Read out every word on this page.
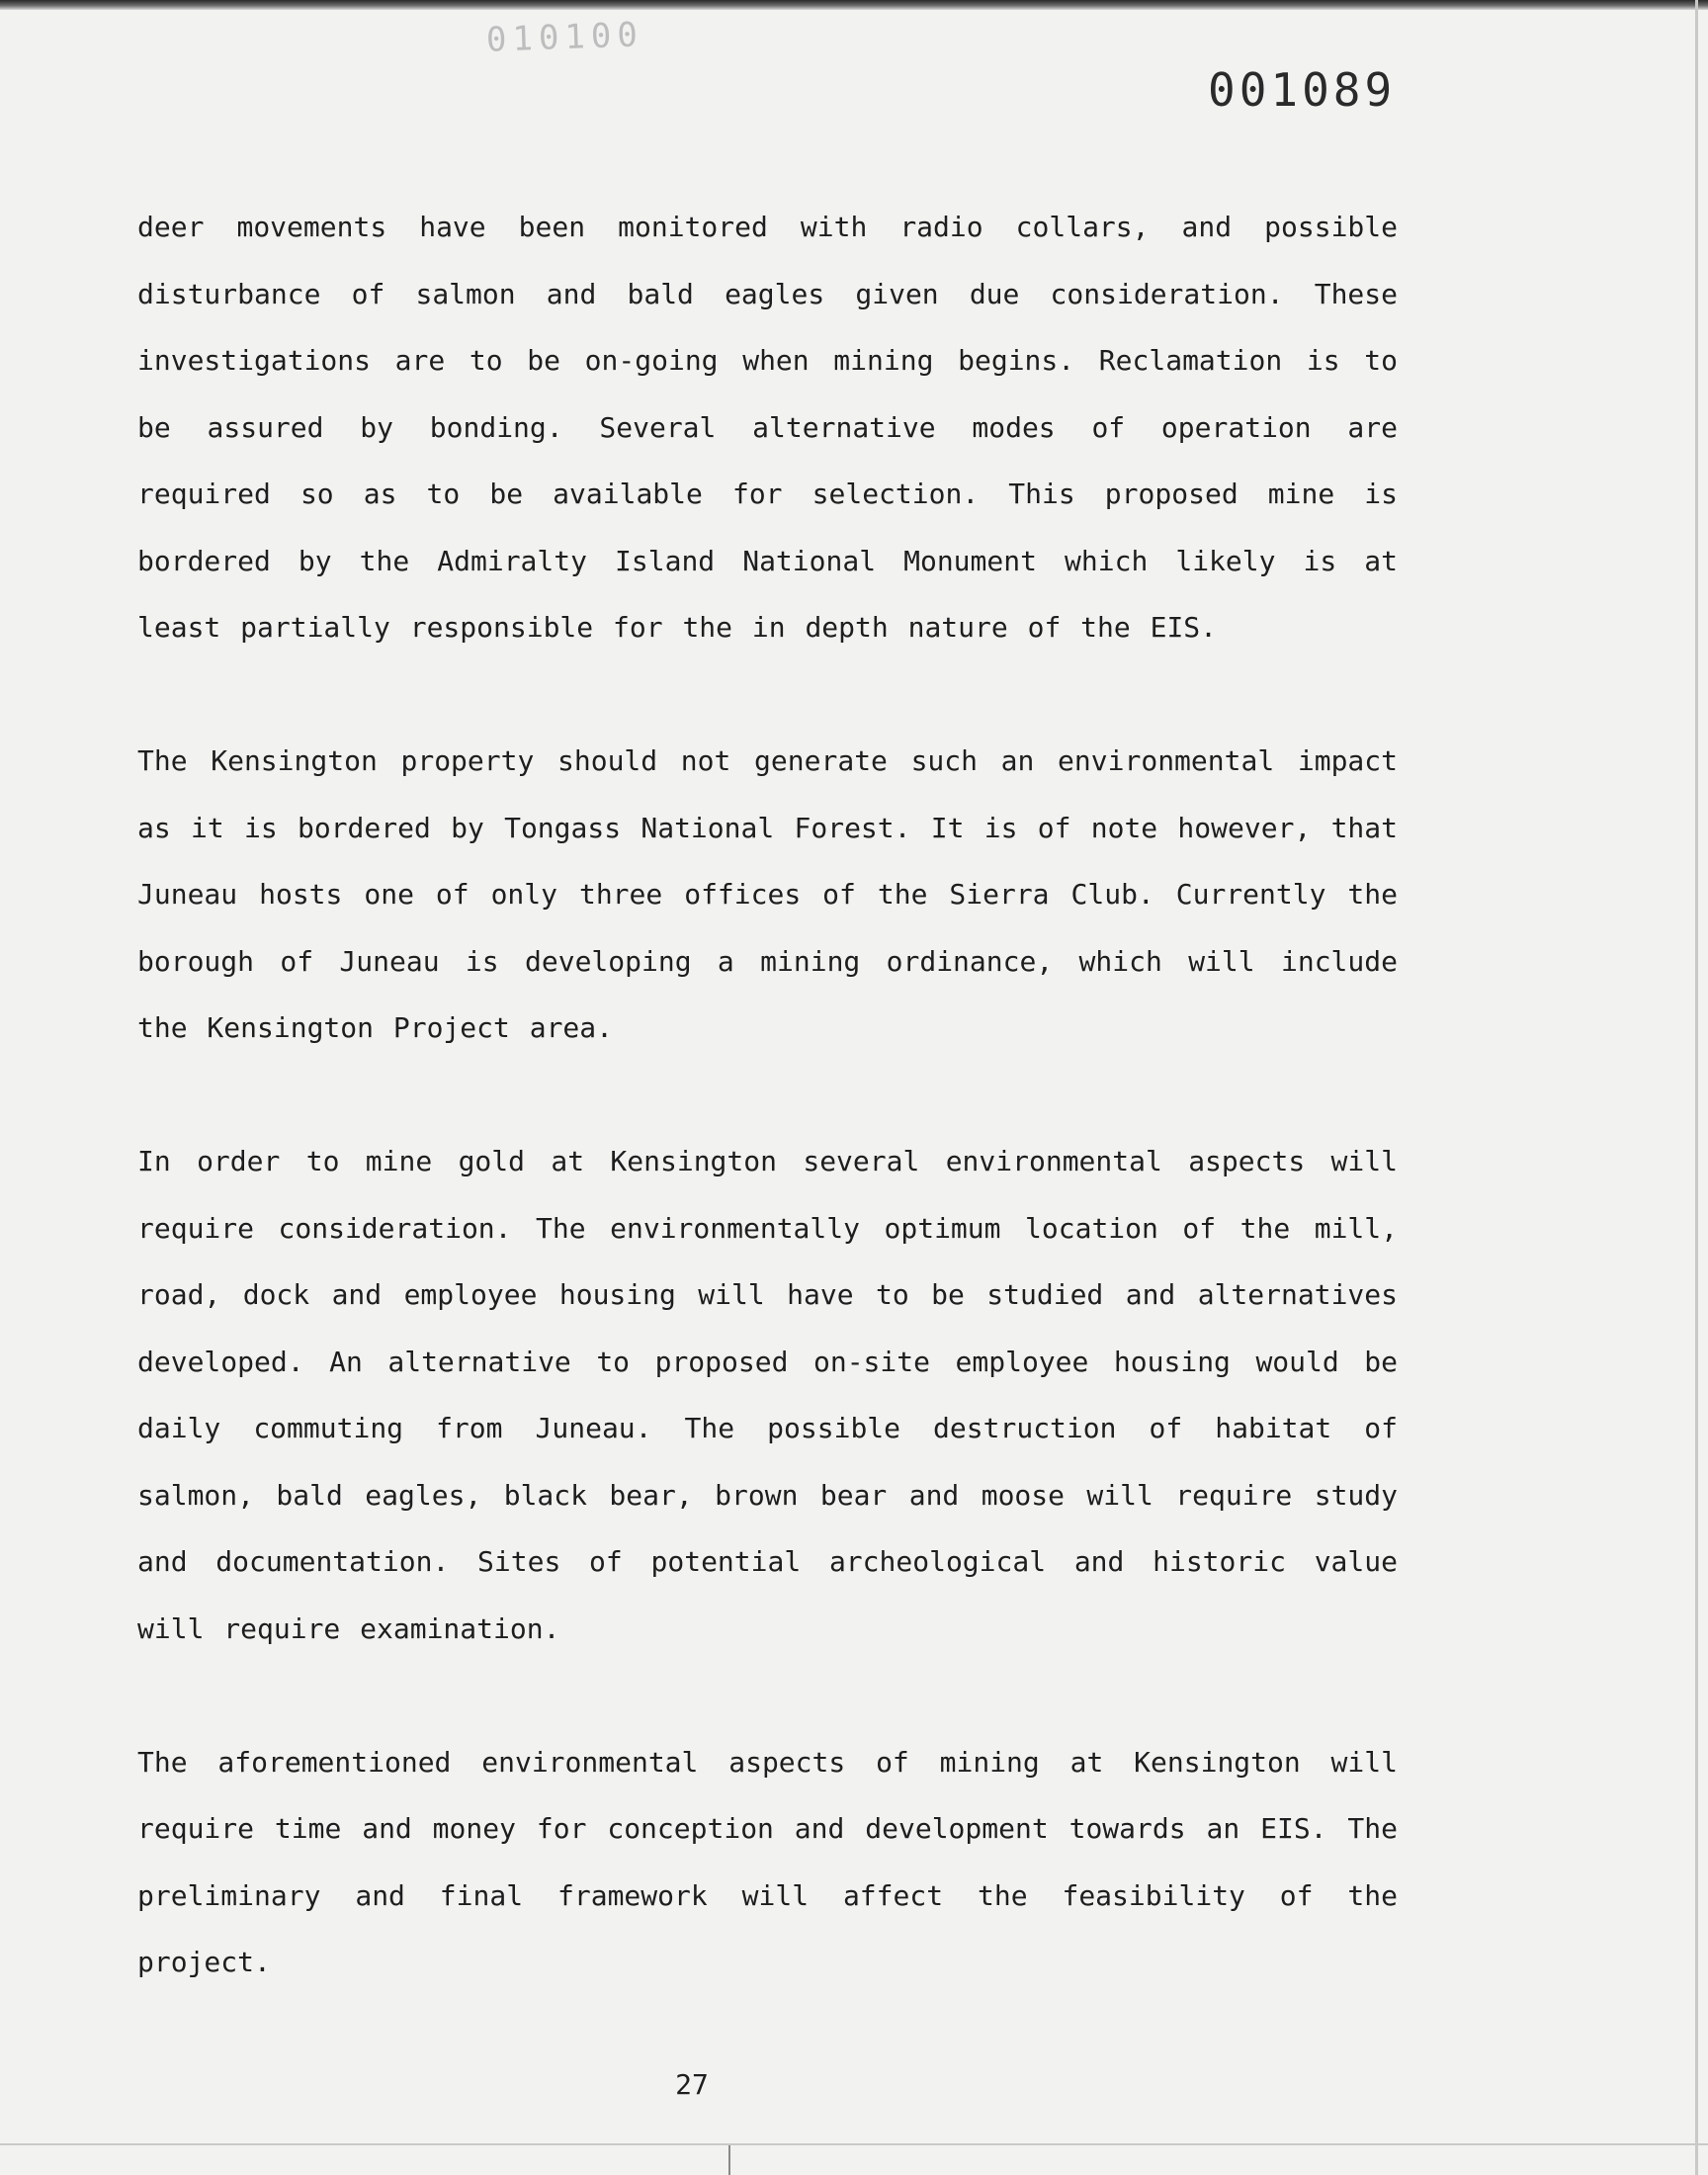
010100
001089

deer movements have been monitored with radio collars, and possible disturbance of salmon and bald eagles given due consideration. These investigations are to be on-going when mining begins. Reclamation is to be assured by bonding. Several alternative modes of operation are required so as to be available for selection. This proposed mine is bordered by the Admiralty Island National Monument which likely is at least partially responsible for the in depth nature of the EIS.

The Kensington property should not generate such an environmental impact as it is bordered by Tongass National Forest. It is of note however, that Juneau hosts one of only three offices of the Sierra Club. Currently the borough of Juneau is developing a mining ordinance, which will include the Kensington Project area.

In order to mine gold at Kensington several environmental aspects will require consideration. The environmentally optimum location of the mill, road, dock and employee housing will have to be studied and alternatives developed. An alternative to proposed on-site employee housing would be daily commuting from Juneau. The possible destruction of habitat of salmon, bald eagles, black bear, brown bear and moose will require study and documentation. Sites of potential archeological and historic value will require examination.

The aforementioned environmental aspects of mining at Kensington will require time and money for conception and development towards an EIS. The preliminary and final framework will affect the feasibility of the project.

27
